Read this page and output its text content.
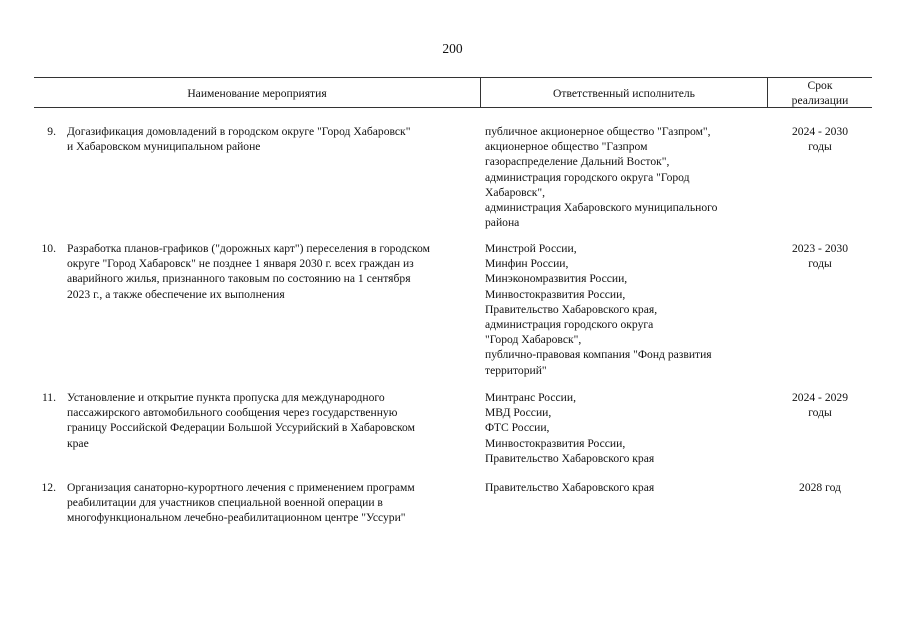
200
Наименование мероприятия	Ответственный исполнитель
Срок
реализации
9. Догазификация домовладений в городском округе "Город Хабаровск"
и Хабаровском муниципальном районе
публичное акционерное общество "Газпром",
акционерное общество "Газпром
газораспределение Дальний Восток",
администрация городского округа "Город
Хабаровск",
администрация Хабаровского муниципального
района
2024 - 2030
годы
10. Разработка планов-графиков ("дорожных карт") переселения в городском
округе "Город Хабаровск" не позднее 1 января 2030 г. всех граждан из
аварийного жилья, признанного таковым по состоянию на 1 сентября
2023 г., а также обеспечение их выполнения
Минстрой России,
Минфин России,
Минэкономразвития России,
Минвостокразвития России,
Правительство Хабаровского края,
администрация городского округа
"Город Хабаровск",
публично-правовая компания "Фонд развития
территорий"
2023 - 2030
годы
11. Установление и открытие пункта пропуска для международного
пассажирского автомобильного сообщения через государственную
границу Российской Федерации Большой Уссурийский в Хабаровском
крае
Минтранс России,
МВД России,
ФТС России,
Минвостокразвития России,
Правительство Хабаровского края
2024 - 2029
годы
12. Организация санаторно-курортного лечения с применением программ
реабилитации для участников специальной военной операции в
многофункциональном лечебно-реабилитационном центре "Уссури"
Правительство Хабаровского края	2028 год
